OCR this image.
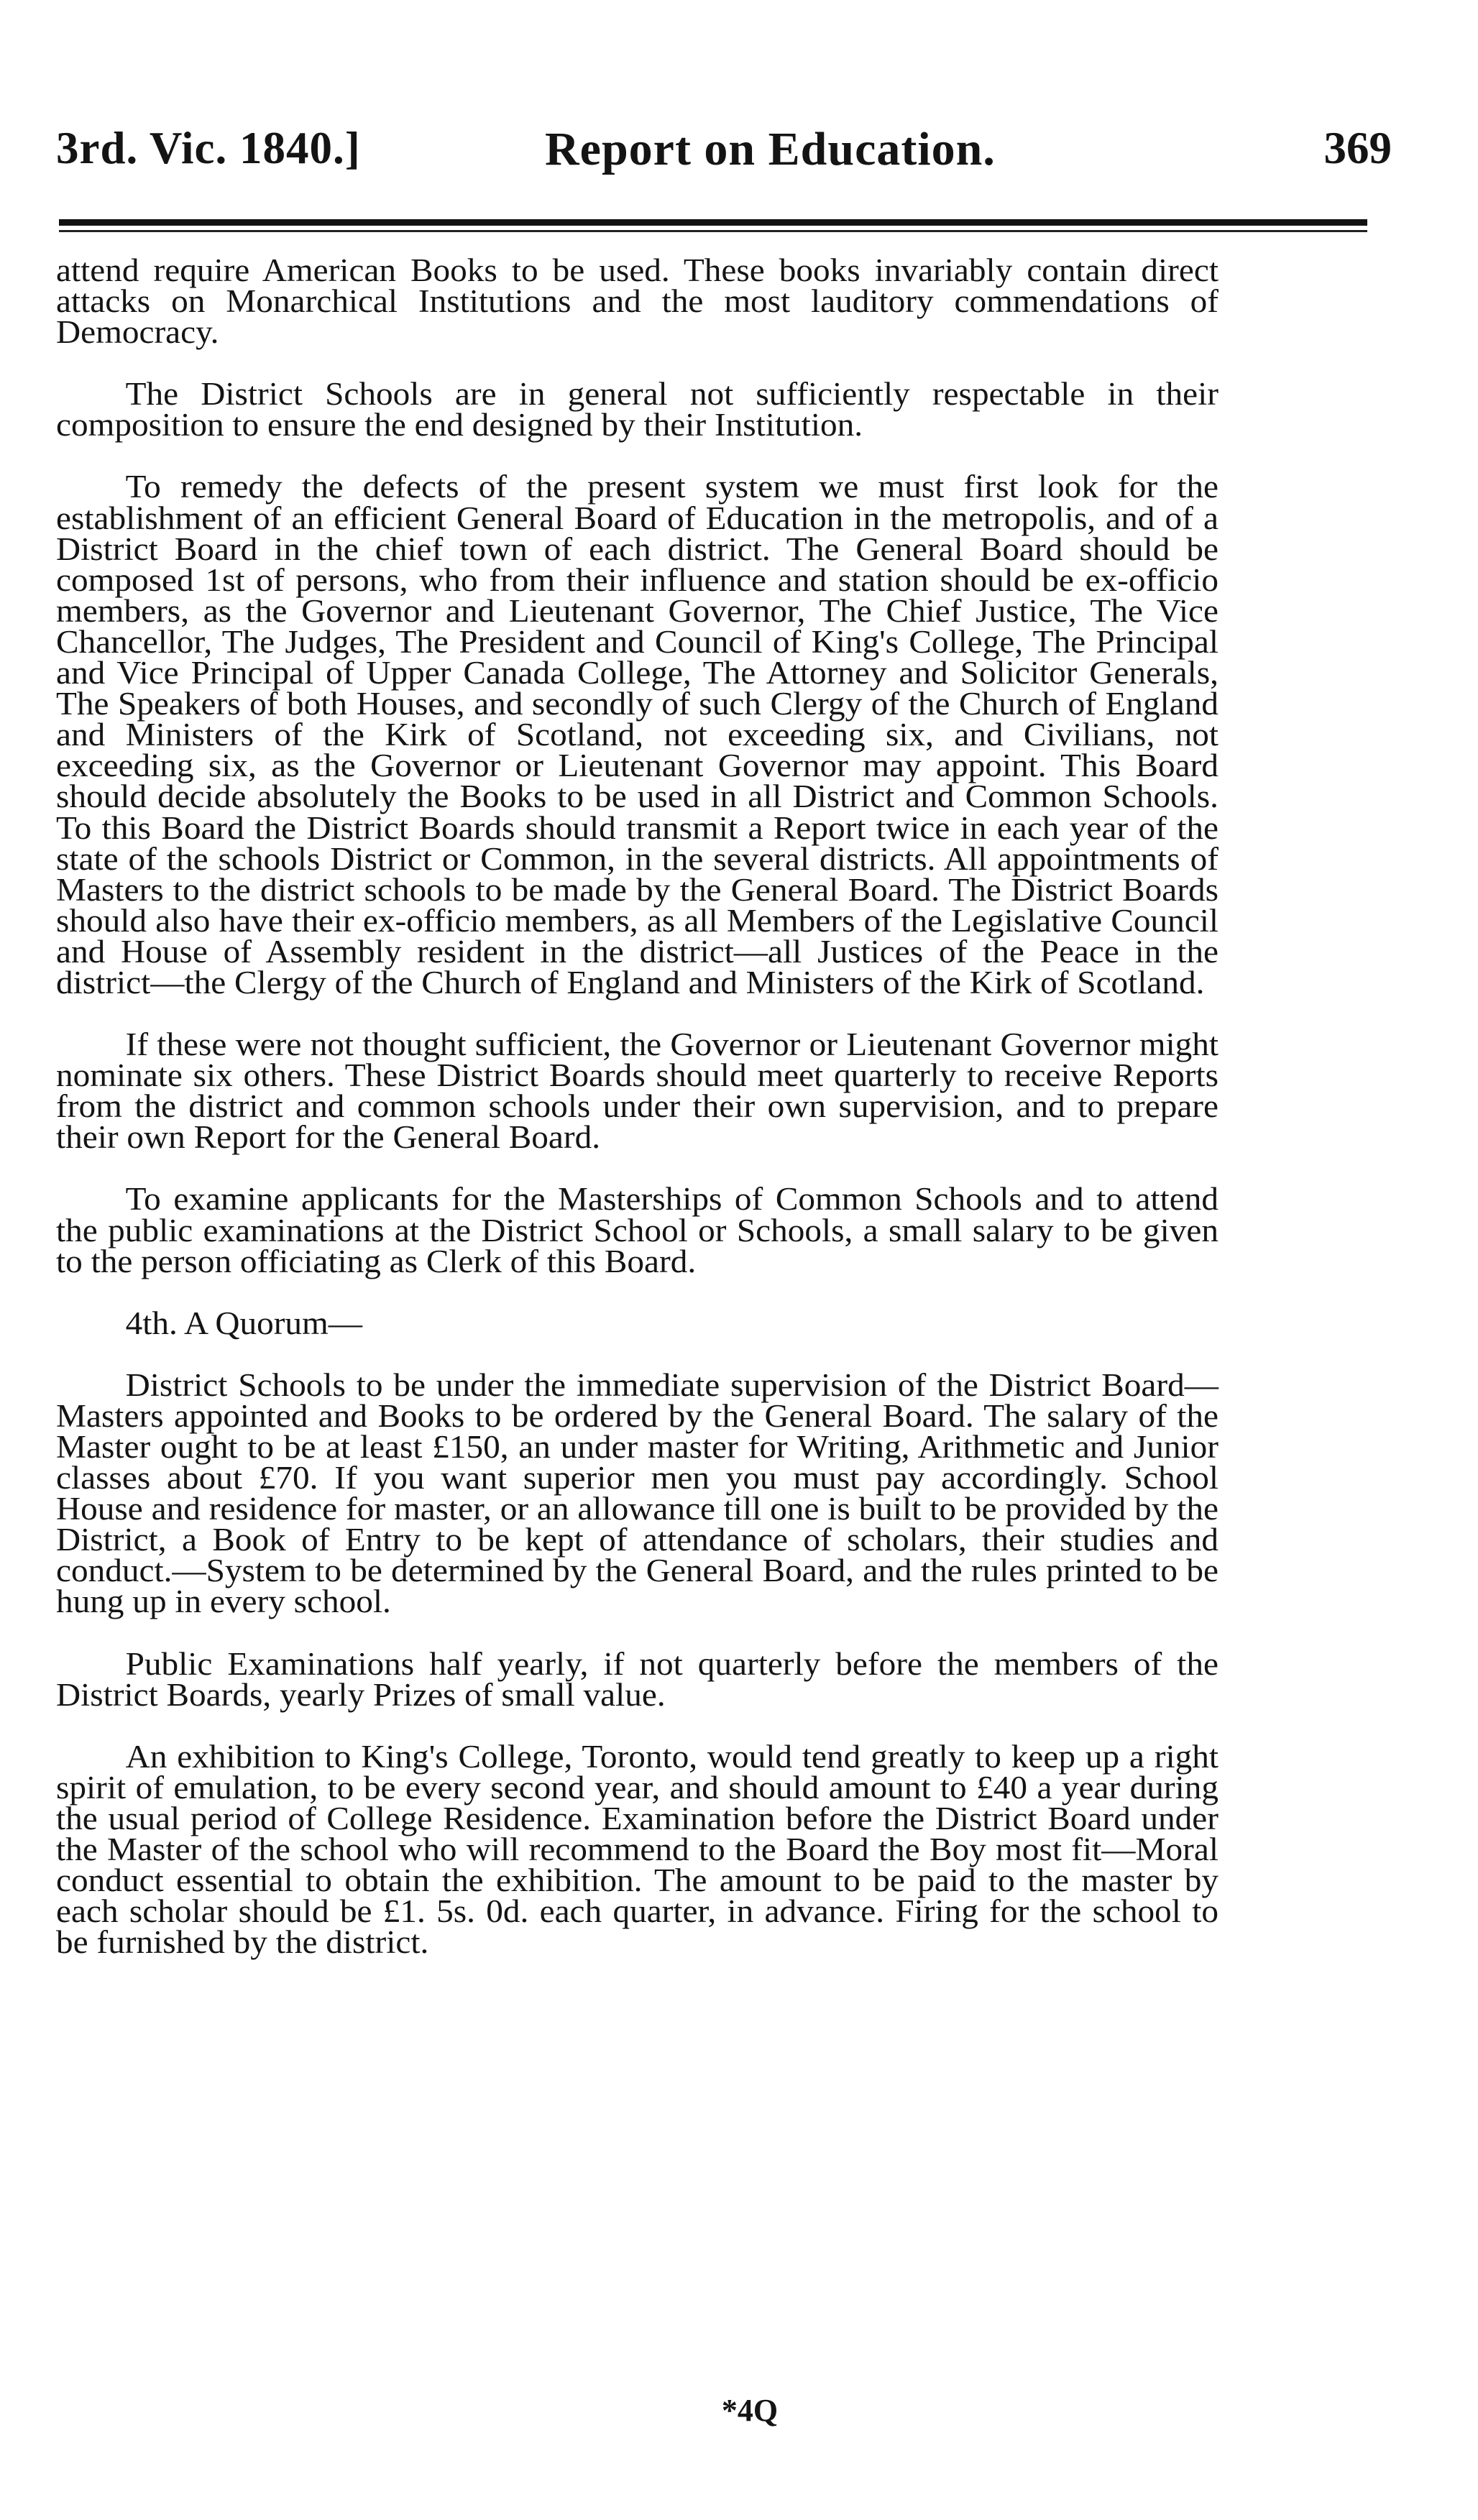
3rd. Vic. 1840.]	Report on Education.	369

attend require American Books to be used. These books invariably contain direct attacks on Monarchical Institutions and the most lauditory commendations of Democracy.

The District Schools are in general not sufficiently respectable in their composition to ensure the end designed by their Institution.

To remedy the defects of the present system we must first look for the establishment of an efficient General Board of Education in the metropolis, and of a District Board in the chief town of each district. The General Board should be composed 1st of persons, who from their influence and station should be ex-officio members, as the Governor and Lieutenant Governor, The Chief Justice, The Vice Chancellor, The Judges, The President and Council of King's College, The Principal and Vice Principal of Upper Canada College, The Attorney and Solicitor Generals, The Speakers of both Houses, and secondly of such Clergy of the Church of England and Ministers of the Kirk of Scotland, not exceeding six, and Civilians, not exceeding six, as the Governor or Lieutenant Governor may appoint. This Board should decide absolutely the Books to be used in all District and Common Schools. To this Board the District Boards should transmit a Report twice in each year of the state of the schools District or Common, in the several districts. All appointments of Masters to the district schools to be made by the General Board. The District Boards should also have their ex-officio members, as all Members of the Legislative Council and House of Assembly resident in the district—all Justices of the Peace in the district—the Clergy of the Church of England and Ministers of the Kirk of Scotland.

If these were not thought sufficient, the Governor or Lieutenant Governor might nominate six others. These District Boards should meet quarterly to receive Reports from the district and common schools under their own supervision, and to prepare their own Report for the General Board.

To examine applicants for the Masterships of Common Schools and to attend the public examinations at the District School or Schools, a small salary to be given to the person officiating as Clerk of this Board.

4th. A Quorum—

District Schools to be under the immediate supervision of the District Board—Masters appointed and Books to be ordered by the General Board. The salary of the Master ought to be at least £150, an under master for Writing, Arithmetic and Junior classes about £70. If you want superior men you must pay accordingly. School House and residence for master, or an allowance till one is built to be provided by the District, a Book of Entry to be kept of attendance of scholars, their studies and conduct.—System to be determined by the General Board, and the rules printed to be hung up in every school.

Public Examinations half yearly, if not quarterly before the members of the District Boards, yearly Prizes of small value.

An exhibition to King's College, Toronto, would tend greatly to keep up a right spirit of emulation, to be every second year, and should amount to £40 a year during the usual period of College Residence. Examination before the District Board under the Master of the school who will recommend to the Board the Boy most fit—Moral conduct essential to obtain the exhibition. The amount to be paid to the master by each scholar should be £1. 5s. 0d. each quarter, in advance. Firing for the school to be furnished by the district.

*4Q
